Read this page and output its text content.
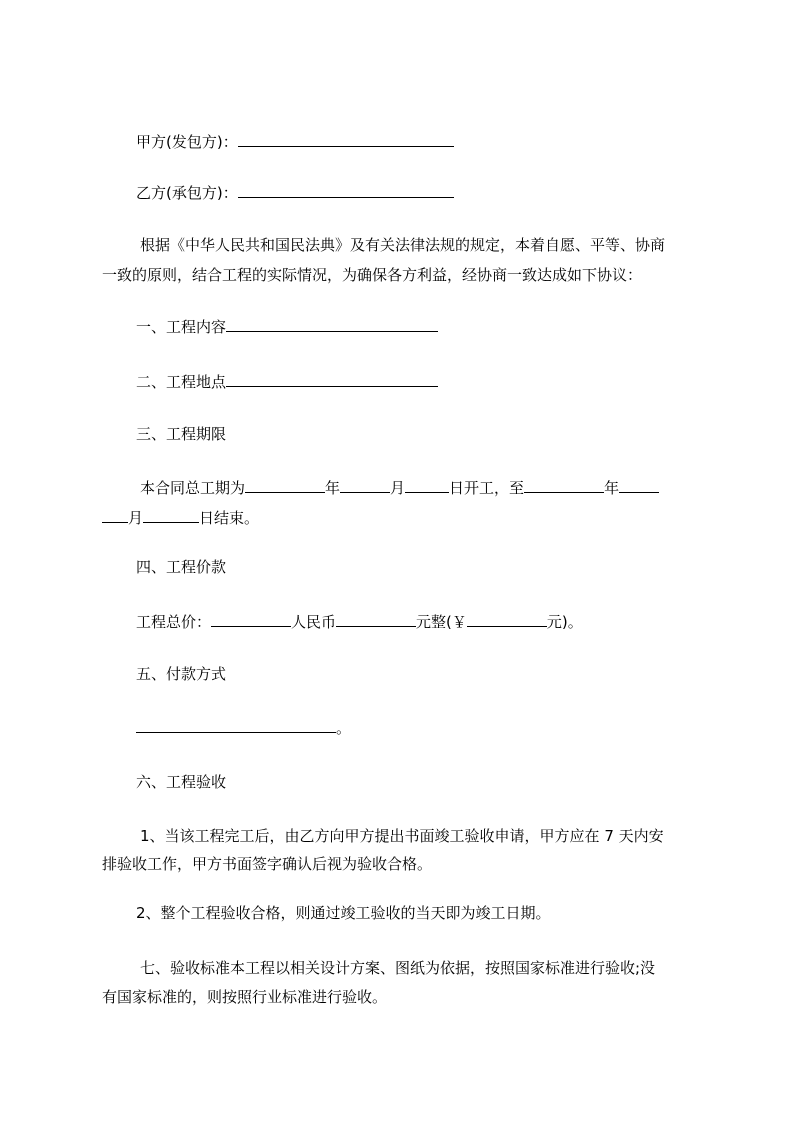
甲方(发包方)：
乙方(承包方)：
根据《中华人民共和国民法典》及有关法律法规的规定，本着自愿、平等、协商
一致的原则，结合工程的实际情况，为确保各方利益，经协商一致达成如下协议：
一、工程内容
二、工程地点
三、工程期限
本合同总工期为	年	月	日开工，至	年
月	日结束。
四、工程价款
工程总价：	人民币	元整(￥	元)。
五、付款方式
。
六、工程验收
1、当该工程完工后，由乙方向甲方提出书面竣工验收申请，甲方应在 7 天内安
排验收工作，甲方书面签字确认后视为验收合格。
2、整个工程验收合格，则通过竣工验收的当天即为竣工日期。
七、验收标准本工程以相关设计方案、图纸为依据，按照国家标准进行验收;没
有国家标准的，则按照行业标准进行验收。
